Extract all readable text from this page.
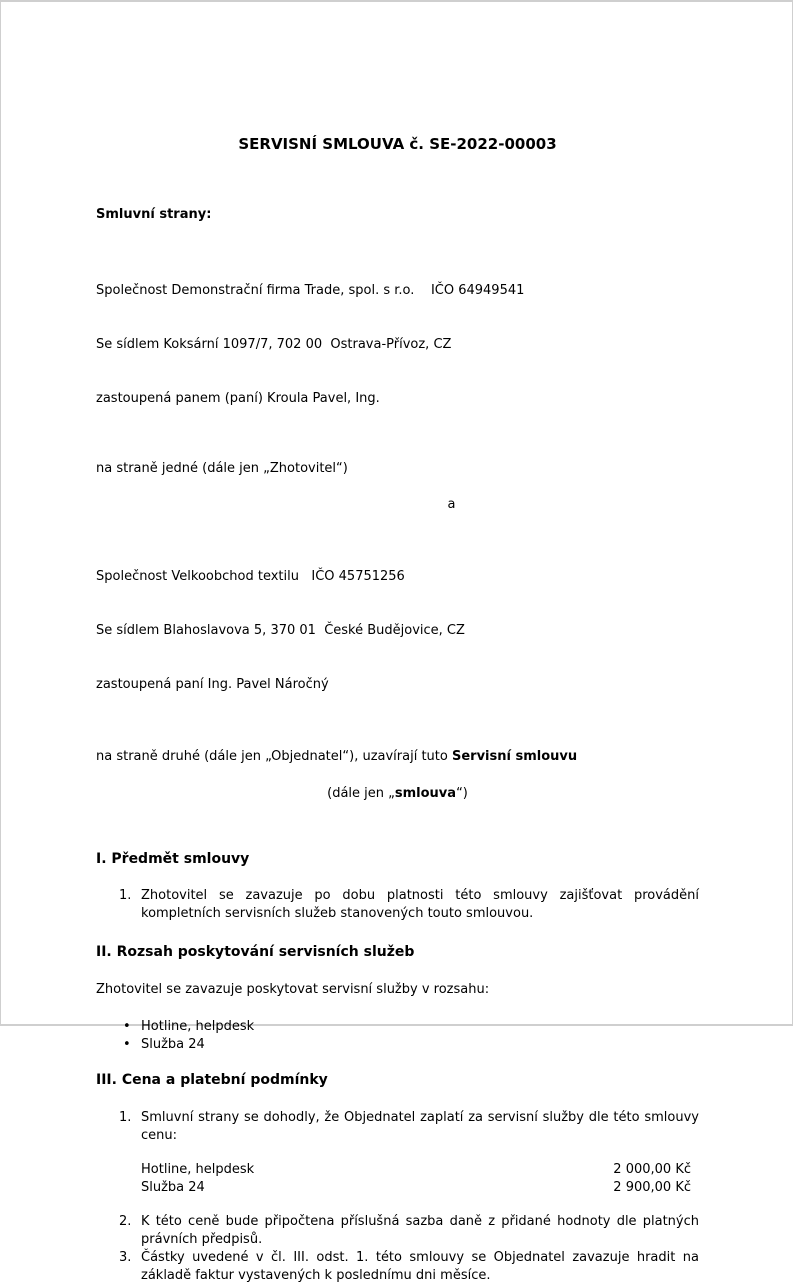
SERVISNÍ SMLOUVA č. SE-2022-00003
Smluvní strany:

Společnost Demonstrační firma Trade, spol. s r.o.    IČO 64949541

Se sídlem Koksární 1097/7, 702 00  Ostrava-Přívoz, CZ

zastoupená panem (paní) Kroula Pavel, Ing.

na straně jedné (dále jen „Zhotovitel“)
a

Společnost Velkoobchod textilu   IČO 45751256

Se sídlem Blahoslavova 5, 370 01  České Budějovice, CZ

zastoupená paní Ing. Pavel Náročný

na straně druhé (dále jen „Objednatel“), uzavírají tuto Servisní smlouvu
(dále jen „smlouva“)
I. Předmět smlouvy
1. Zhotovitel se zavazuje po dobu platnosti této smlouvy zajišťovat provádění kompletních servisních služeb stanovených touto smlouvou.
II. Rozsah poskytování servisních služeb
Zhotovitel se zavazuje poskytovat servisní služby v rozsahu:
• Hotline, helpdesk
• Služba 24
III. Cena a platební podmínky
1. Smluvní strany se dohodly, že Objednatel zaplatí za servisní služby dle této smlouvy cenu:
Hotline, helpdesk	2 000,00 Kč
Služba 24	2 900,00 Kč
2. K této ceně bude připočtena příslušná sazba daně z přidané hodnoty dle platných právních předpisů.
3. Částky uvedené v čl. III. odst. 1. této smlouvy se Objednatel zavazuje hradit na základě faktur vystavených k poslednímu dni měsíce.
